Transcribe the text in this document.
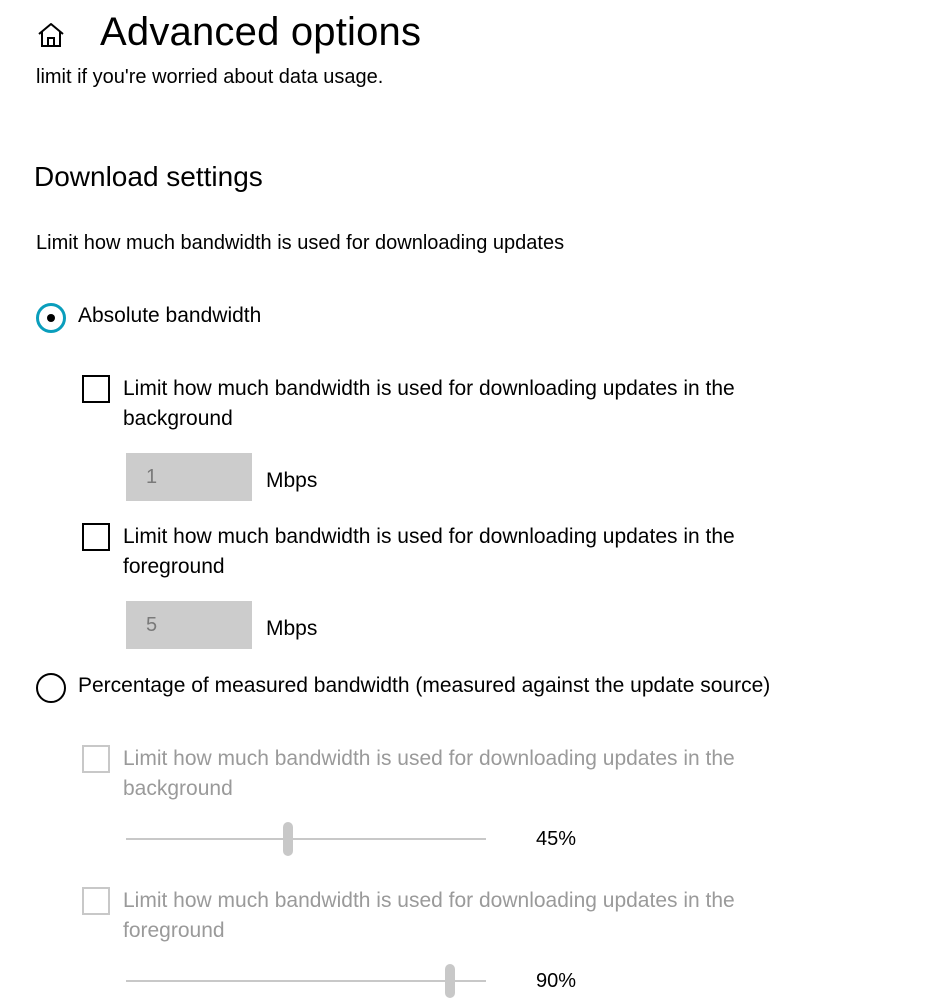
Advanced options
limit if you're worried about data usage.
Download settings
Limit how much bandwidth is used for downloading updates
Absolute bandwidth
Limit how much bandwidth is used for downloading updates in the background
1
Mbps
Limit how much bandwidth is used for downloading updates in the foreground
5
Mbps
Percentage of measured bandwidth (measured against the update source)
Limit how much bandwidth is used for downloading updates in the background
45%
Limit how much bandwidth is used for downloading updates in the foreground
90%
